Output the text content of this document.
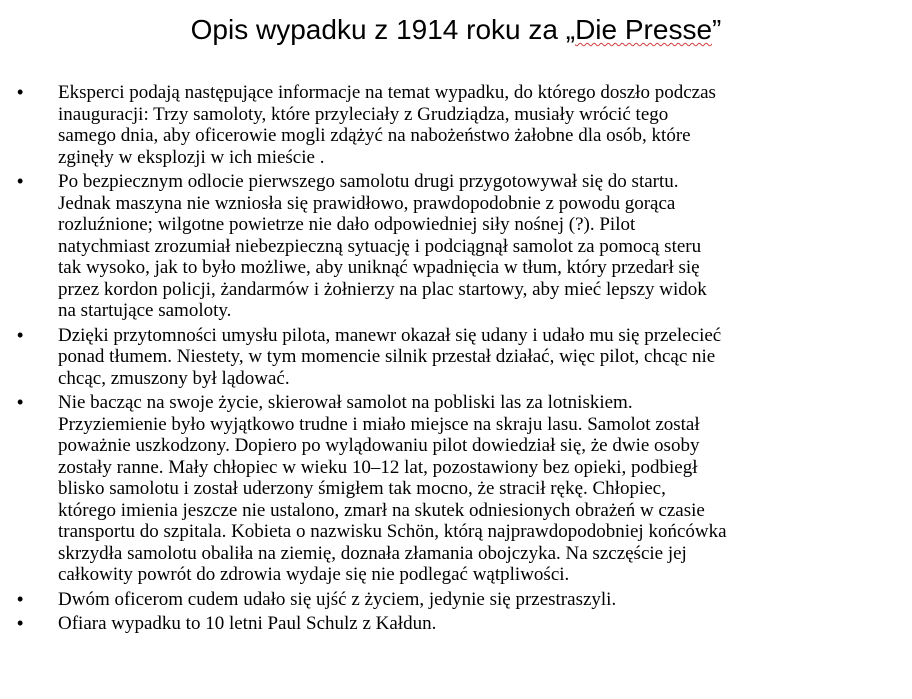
Opis wypadku z 1914 roku za „Die Presse”
• Eksperci podają następujące informacje na temat wypadku, do którego doszło podczas
inauguracji: Trzy samoloty, które przyleciały z Grudziądza, musiały wrócić tego
samego dnia, aby oficerowie mogli zdążyć na nabożeństwo żałobne dla osób, które
zginęły w eksplozji w ich mieście .
• Po bezpiecznym odlocie pierwszego samolotu drugi przygotowywał się do startu.
Jednak maszyna nie wzniosła się prawidłowo, prawdopodobnie z powodu gorąca
rozluźnione; wilgotne powietrze nie dało odpowiedniej siły nośnej (?). Pilot
natychmiast zrozumiał niebezpieczną sytuację i podciągnął samolot za pomocą steru
tak wysoko, jak to było możliwe, aby uniknąć wpadnięcia w tłum, który przedarł się
przez kordon policji, żandarmów i żołnierzy na plac startowy, aby mieć lepszy widok
na startujące samoloty.
• Dzięki przytomności umysłu pilota, manewr okazał się udany i udało mu się przelecieć
ponad tłumem. Niestety, w tym momencie silnik przestał działać, więc pilot, chcąc nie
chcąc, zmuszony był lądować.
• Nie bacząc na swoje życie, skierował samolot na pobliski las za lotniskiem.
Przyziemienie było wyjątkowo trudne i miało miejsce na skraju lasu. Samolot został
poważnie uszkodzony. Dopiero po wylądowaniu pilot dowiedział się, że dwie osoby
zostały ranne. Mały chłopiec w wieku 10–12 lat, pozostawiony bez opieki, podbiegł
blisko samolotu i został uderzony śmigłem tak mocno, że stracił rękę. Chłopiec,
którego imienia jeszcze nie ustalono, zmarł na skutek odniesionych obrażeń w czasie
transportu do szpitala. Kobieta o nazwisku Schön, którą najprawdopodobniej końcówka
skrzydła samolotu obaliła na ziemię, doznała złamania obojczyka. Na szczęście jej
całkowity powrót do zdrowia wydaje się nie podlegać wątpliwości.
• Dwóm oficerom cudem udało się ujść z życiem, jedynie się przestraszyli.
• Ofiara wypadku to 10 letni Paul Schulz z Kałdun.
